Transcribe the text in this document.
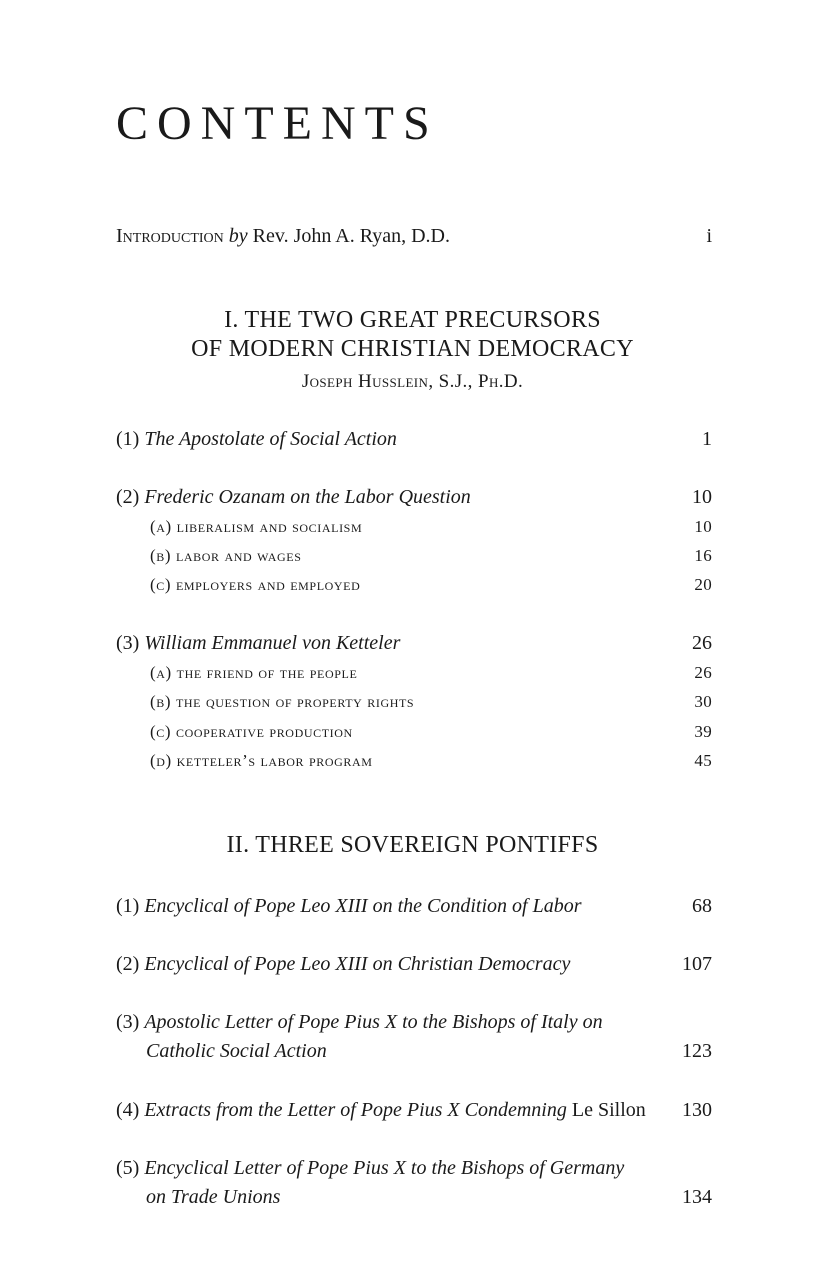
CONTENTS
Introduction by Rev. John A. Ryan, D.D.	i
I. THE TWO GREAT PRECURSORS
OF MODERN CHRISTIAN DEMOCRACY
Joseph Husslein, S.J., Ph.D.
(1) The Apostolate of Social Action	1
(2) Frederic Ozanam on the Labor Question	10
(a) liberalism and socialism	10
(b) labor and wages	16
(c) employers and employed	20
(3) William Emmanuel von Ketteler	26
(a) the friend of the people	26
(b) the question of property rights	30
(c) cooperative production	39
(d) ketteler’s labor program	45
II. THREE SOVEREIGN PONTIFFS
(1) Encyclical of Pope Leo XIII on the Condition of Labor	68
(2) Encyclical of Pope Leo XIII on Christian Democracy	107
(3) Apostolic Letter of Pope Pius X to the Bishops of Italy on
Catholic Social Action	123
(4) Extracts from the Letter of Pope Pius X Condemning Le Sillon 130
(5) Encyclical Letter of Pope Pius X to the Bishops of Germany
on Trade Unions	134
